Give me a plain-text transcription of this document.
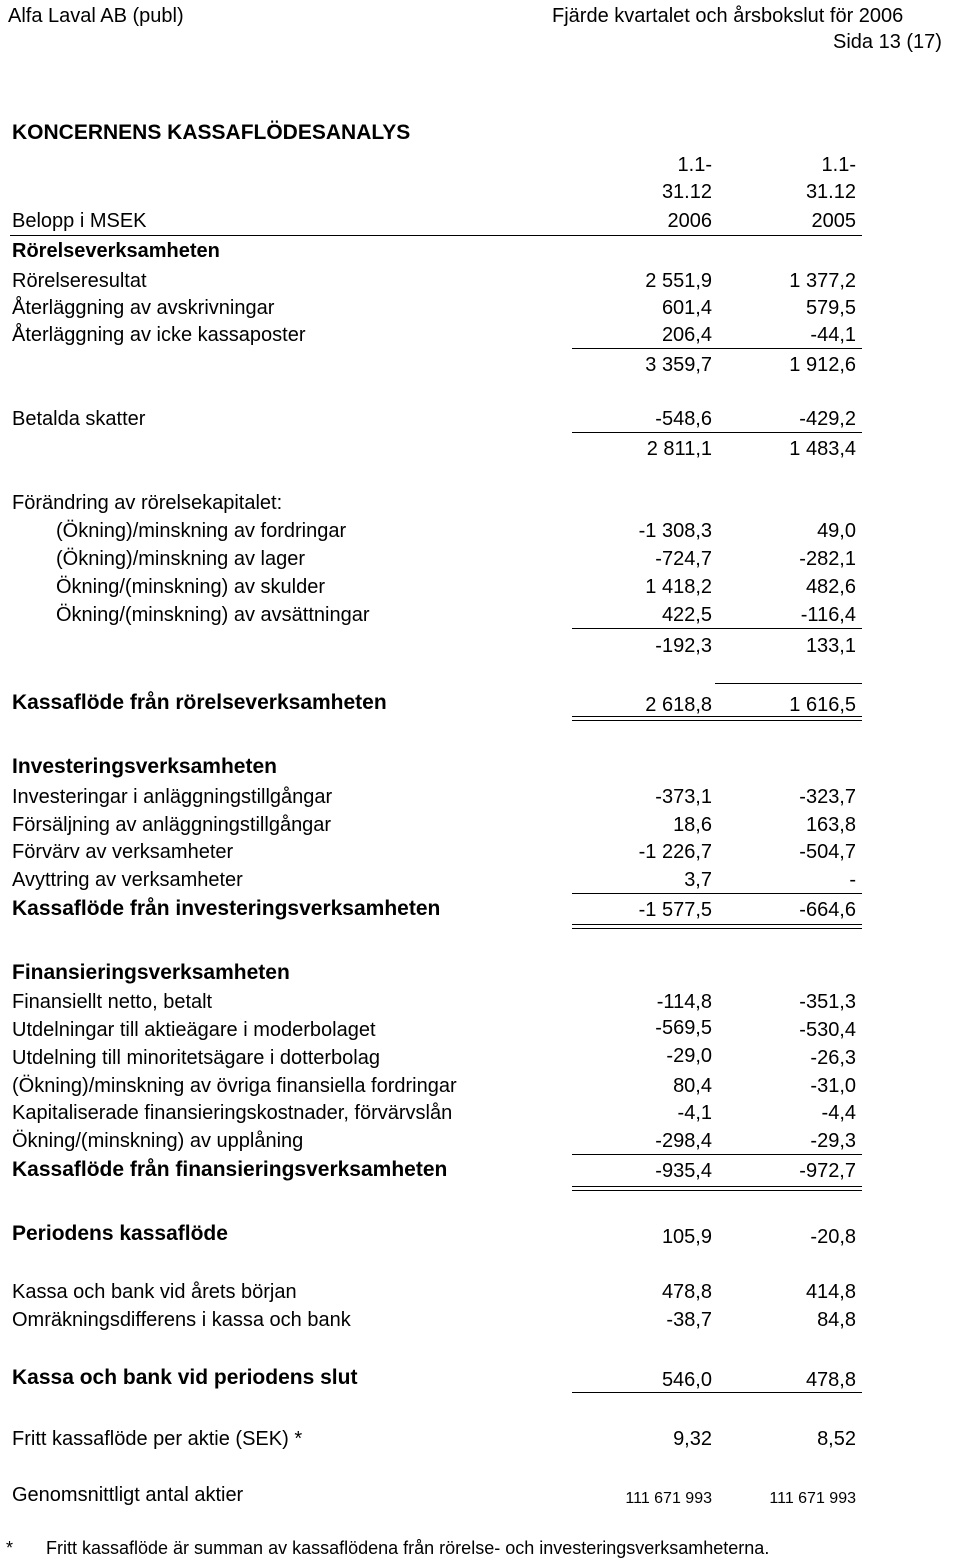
Alfa Laval AB (publ)	Fjärde kvartalet och årsbokslut för 2006
Sida 13 (17)
KONCERNENS KASSAFLÖDESANALYS
1.1-	1.1-
31.12	31.12
Belopp i MSEK	2006	2005
Rörelseverksamheten
Rörelseresultat	2 551,9	1 377,2
Återläggning av avskrivningar	601,4	579,5
Återläggning av icke kassaposter	206,4	-44,1
3 359,7	1 912,6
Betalda skatter	-548,6	-429,2
2 811,1	1 483,4
Förändring av rörelsekapitalet:
(Ökning)/minskning av fordringar	-1 308,3	49,0
(Ökning)/minskning av lager	-724,7	-282,1
Ökning/(minskning) av skulder	1 418,2	482,6
Ökning/(minskning) av avsättningar	422,5	-116,4
-192,3	133,1
Kassaflöde från rörelseverksamheten	2 618,8	1 616,5
Investeringsverksamheten
Investeringar i anläggningstillgångar	-373,1	-323,7
Försäljning av anläggningstillgångar	18,6	163,8
Förvärv av verksamheter	-1 226,7	-504,7
Avyttring av verksamheter	3,7	-
Kassaflöde från investeringsverksamheten	-1 577,5	-664,6
Finansieringsverksamheten
Finansiellt netto, betalt	-114,8	-351,3
Utdelningar till aktieägare i moderbolaget	-569,5	-530,4
Utdelning till minoritetsägare i dotterbolag	-29,0	-26,3
(Ökning)/minskning av övriga finansiella fordringar	80,4	-31,0
Kapitaliserade finansieringskostnader, förvärvslån	-4,1	-4,4
Ökning/(minskning) av upplåning	-298,4	-29,3
Kassaflöde från finansieringsverksamheten	-935,4	-972,7
Periodens kassaflöde	105,9	-20,8
Kassa och bank vid årets början	478,8	414,8
Omräkningsdifferens i kassa och bank	-38,7	84,8
Kassa och bank vid periodens slut	546,0	478,8
Fritt kassaflöde per aktie (SEK) *	9,32	8,52
Genomsnittligt antal aktier	111 671 993	111 671 993
* Fritt kassaflöde är summan av kassaflödena från rörelse- och investeringsverksamheterna.
